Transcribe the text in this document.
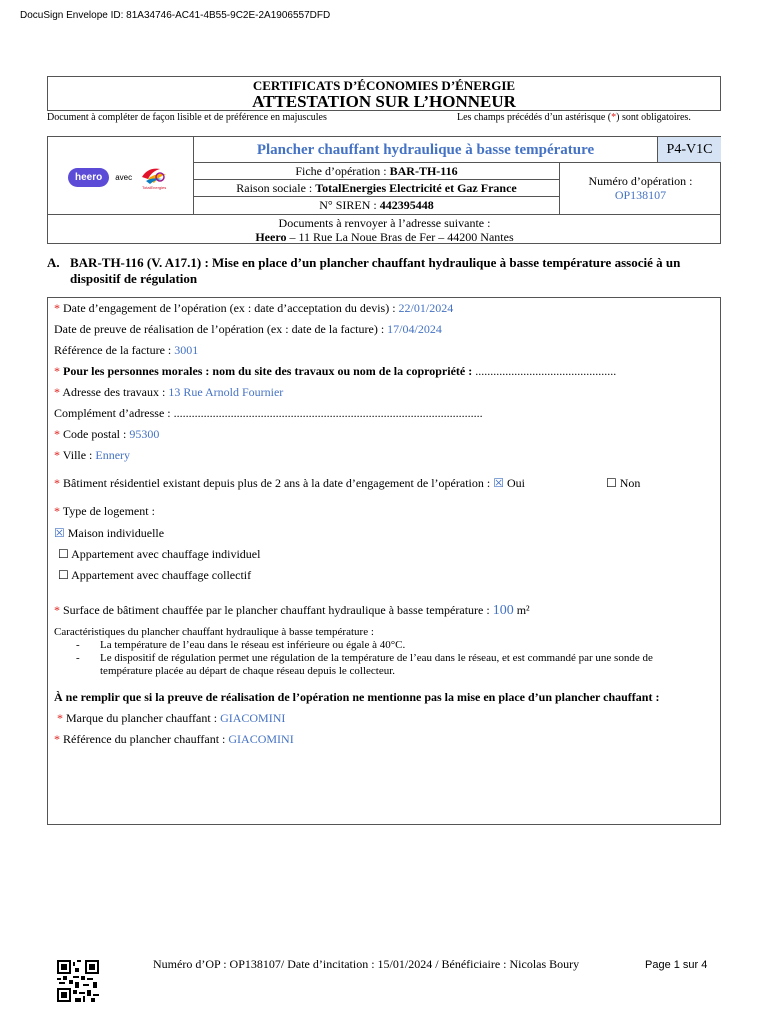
DocuSign Envelope ID: 81A34746-AC41-4B55-9C2E-2A1906557DFD
CERTIFICATS D’ÉCONOMIES D’ÉNERGIE
ATTESTATION SUR L’HONNEUR
Document à compléter de façon lisible et de préférence en majuscules	Les champs précédés d’un astérisque (*) sont obligatoires.
heero	avec
TotalEnergies
Plancher chauffant hydraulique à basse température	P4-V1C
Fiche d’opération : BAR-TH-116
Raison sociale : TotalEnergies Electricité et Gaz France
N° SIREN : 442395448
Numéro d’opération :
OP138107
Documents à renvoyer à l’adresse suivante :
Heero – 11 Rue La Noue Bras de Fer – 44200 Nantes
A. BAR-TH-116 (V. A17.1) : Mise en place d’un plancher chauffant hydraulique à basse température associé à un dispositif de régulation
* Date d’engagement de l’opération (ex : date d’acceptation du devis) : 22/01/2024
Date de preuve de réalisation de l’opération (ex : date de la facture) : 17/04/2024
Référence de la facture : 3001
* Pour les personnes morales : nom du site des travaux ou nom de la copropriété : ...............................................
* Adresse des travaux : 13 Rue Arnold Fournier
Complément d’adresse : .......................................................................................................
* Code postal : 95300
* Ville : Ennery
* Bâtiment résidentiel existant depuis plus de 2 ans à la date d’engagement de l’opération : ☒ Oui	☐ Non
* Type de logement :
☒ Maison individuelle
☐ Appartement avec chauffage individuel
☐ Appartement avec chauffage collectif
* Surface de bâtiment chauffée par le plancher chauffant hydraulique à basse température : 100 m²
Caractéristiques du plancher chauffant hydraulique à basse température :
- La température de l’eau dans le réseau est inférieure ou égale à 40°C.
- Le dispositif de régulation permet une régulation de la température de l’eau dans le réseau, et est commandé par une sonde de
température placée au départ de chaque réseau depuis le collecteur.
À ne remplir que si la preuve de réalisation de l’opération ne mentionne pas la mise en place d’un plancher chauffant :
* Marque du plancher chauffant : GIACOMINI
* Référence du plancher chauffant : GIACOMINI
Numéro d’OP : OP138107/ Date d’incitation : 15/01/2024 / Bénéficiaire : Nicolas Boury	Page 1 sur 4
